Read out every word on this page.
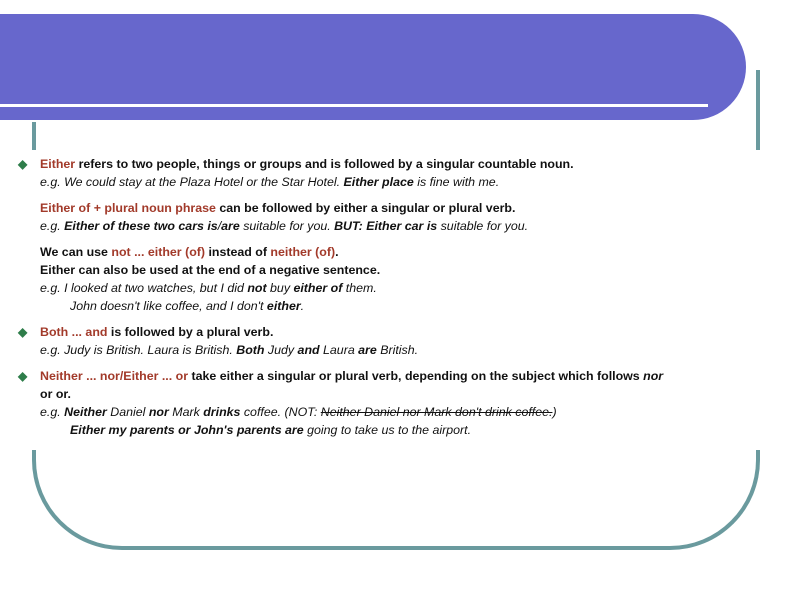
◆ Either refers to two people, things or groups and is followed by a singular countable noun.
e.g. We could stay at the Plaza Hotel or the Star Hotel. Either place is fine with me.
Either of + plural noun phrase can be followed by either a singular or plural verb.
e.g. Either of these two cars is/are suitable for you. BUT: Either car is suitable for you.
We can use not ... either (of) instead of neither (of).
Either can also be used at the end of a negative sentence.
e.g. I looked at two watches, but I did not buy either of them.
John doesn't like coffee, and I don't either.
◆ Both ... and is followed by a plural verb.
e.g. Judy is British. Laura is British. Both Judy and Laura are British.
◆ Neither ... nor/Either ... or take either a singular or plural verb, depending on the subject which follows nor
or or.
e.g. Neither Daniel nor Mark drinks coffee. (NOT: Neither Daniel nor Mark don't drink coffee.)
Either my parents or John's parents are going to take us to the airport.
